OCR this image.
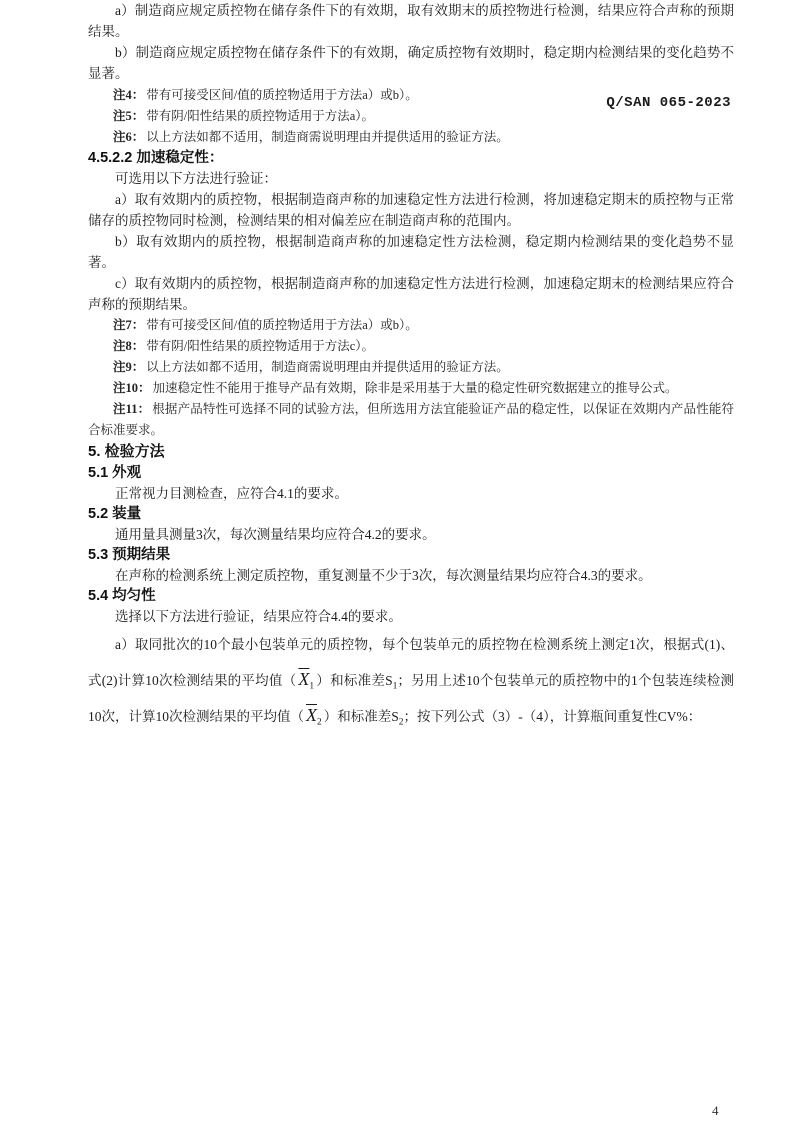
Q/SAN 065-2023

a）制造商应规定质控物在储存条件下的有效期，取有效期末的质控物进行检测，结果应符合声称的预期结果。

b）制造商应规定质控物在储存条件下的有效期，确定质控物有效期时，稳定期内检测结果的变化趋势不显著。

注4： 带有可接受区间/值的质控物适用于方法a）或b）。

注5： 带有阴/阳性结果的质控物适用于方法a）。

注6： 以上方法如都不适用，制造商需说明理由并提供适用的验证方法。

4.5.2.2 加速稳定性：

可选用以下方法进行验证：

a）取有效期内的质控物，根据制造商声称的加速稳定性方法进行检测，将加速稳定期末的质控物与正常储存的质控物同时检测，检测结果的相对偏差应在制造商声称的范围内。

b）取有效期内的质控物，根据制造商声称的加速稳定性方法检测，稳定期内检测结果的变化趋势不显著。

c）取有效期内的质控物，根据制造商声称的加速稳定性方法进行检测，加速稳定期末的检测结果应符合声称的预期结果。

注7： 带有可接受区间/值的质控物适用于方法a）或b）。

注8： 带有阴/阳性结果的质控物适用于方法c）。

注9： 以上方法如都不适用，制造商需说明理由并提供适用的验证方法。

注10： 加速稳定性不能用于推导产品有效期，除非是采用基于大量的稳定性研究数据建立的推导公式。

注11： 根据产品特性可选择不同的试验方法，但所选用方法宜能验证产品的稳定性，以保证在效期内产品性能符合标准要求。

5. 检验方法
5.1 外观

正常视力目测检查，应符合4.1的要求。

5.2 装量

通用量具测量3次，每次测量结果均应符合4.2的要求。

5.3 预期结果

在声称的检测系统上测定质控物，重复测量不少于3次，每次测量结果均应符合4.3的要求。

5.4 均匀性

选择以下方法进行验证，结果应符合4.4的要求。

a）取同批次的10个最小包装单元的质控物，每个包装单元的质控物在检测系统上测定1次，根据式(1)、式(2)计算10次检测结果的平均值（ $\overline{X}_1$ ）和标准差$S_1$；另用上述10个包装单元的质控物中的1个包装连续检测10次，计算10次检测结果的平均值（ $\overline{X}_2$ ）和标准差$S_2$；按下列公式（3）-（4），计算瓶间重复性CV%：

4
